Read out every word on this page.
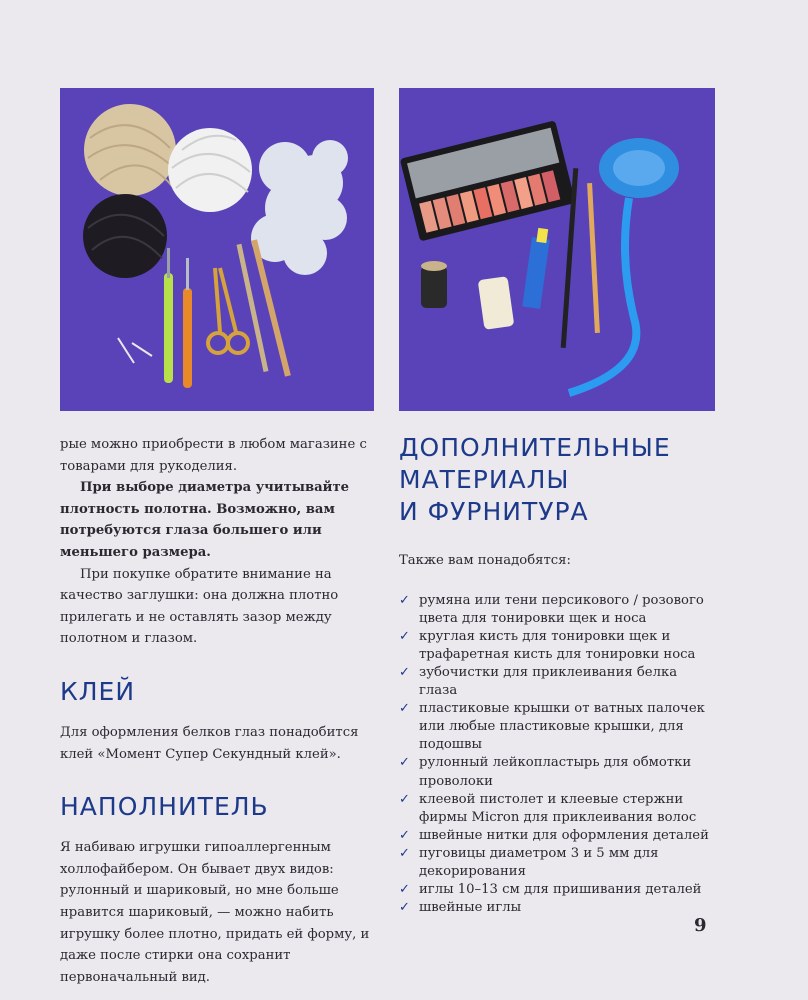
рые можно приобрести в любом магазине с товарами для рукоделия.

При выборе диаметра учитывайте плотность полотна. Возможно, вам потребуются глаза большего или меньшего размера.

При покупке обратите внимание на качество заглушки: она должна плотно прилегать и не оставлять зазор между полотном и глазом.

КЛЕЙ

Для оформления белков глаз понадобится клей «Момент Супер Секундный клей».

НАПОЛНИТЕЛЬ

Я набиваю игрушки гипоаллергенным холлофайбером. Он бывает двух видов: рулонный и шариковый, но мне больше нравится шариковый, — можно набить игрушку более плотно, придать ей форму, и даже после стирки она сохранит первоначальный вид.

ДОПОЛНИТЕЛЬНЫЕ
МАТЕРИАЛЫ
И ФУРНИТУРА

Также вам понадобятся:

✓ румяна или тени персикового / розового цвета для тонировки щек и носа
✓ круглая кисть для тонировки щек и трафаретная кисть для тонировки носа
✓ зубочистки для приклеивания белка глаза
✓ пластиковые крышки от ватных палочек или любые пластиковые крышки, для подошвы
✓ рулонный лейкопластырь для обмотки проволоки
✓ клеевой пистолет и клеевые стержни фирмы Micron для приклеивания волос
✓ швейные нитки для оформления деталей
✓ пуговицы диаметром 3 и 5 мм для декорирования
✓ иглы 10–13 см для пришивания деталей
✓ швейные иглы
9
